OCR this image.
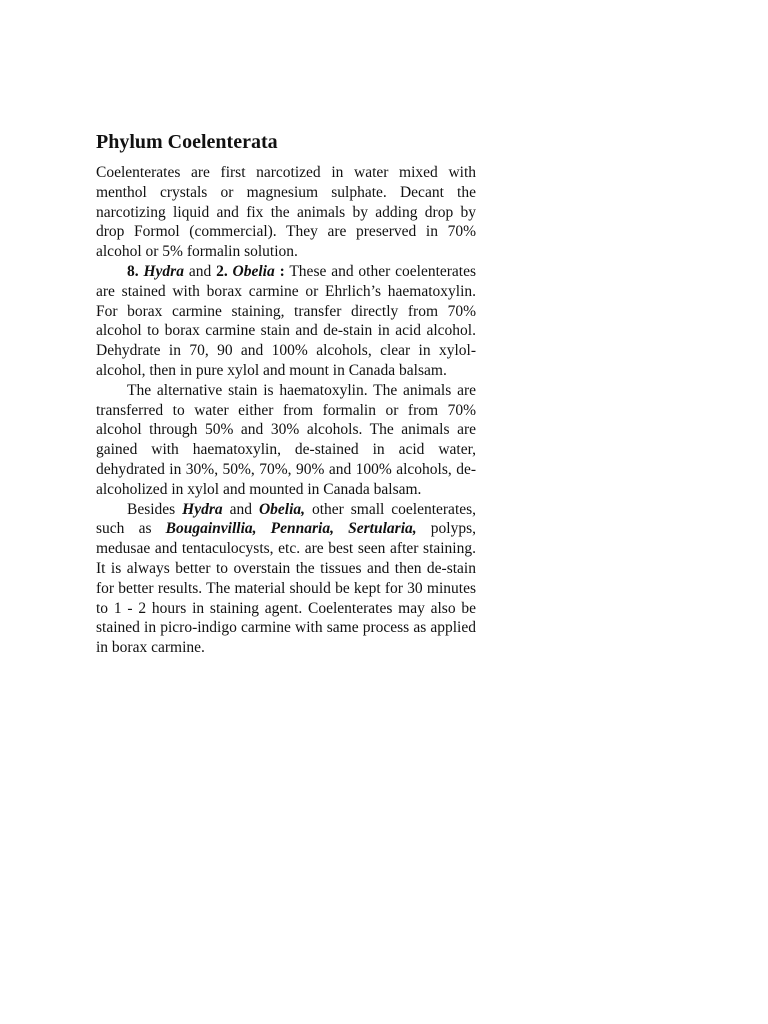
Phylum Coelenterata

Coelenterates are first narcotized in water mixed with menthol crystals or magnesium sulphate. Decant the narcotizing liquid and fix the animals by adding drop by drop Formol (commercial). They are preserved in 70% alcohol or 5% formalin solution.

8. Hydra and 2. Obelia : These and other coelenterates are stained with borax carmine or Ehrlich’s haematoxylin. For borax carmine staining, transfer directly from 70% alcohol to borax carmine stain and de-stain in acid alcohol. Dehydrate in 70, 90 and 100% alcohols, clear in xylol-alcohol, then in pure xylol and mount in Canada balsam.

The alternative stain is haematoxylin. The animals are transferred to water either from formalin or from 70% alcohol through 50% and 30% alcohols. The animals are gained with haematoxylin, de-stained in acid water, dehydrated in 30%, 50%, 70%, 90% and 100% alcohols, de-alcoholized in xylol and mounted in Canada balsam.

Besides Hydra and Obelia, other small coelenterates, such as Bougainvillia, Pennaria, Sertularia, polyps, medusae and tentaculocysts, etc. are best seen after staining. It is always better to overstain the tissues and then de-stain for better results. The material should be kept for 30 minutes to 1 - 2 hours in staining agent. Coelenterates may also be stained in picro-indigo carmine with same process as applied in borax carmine.
